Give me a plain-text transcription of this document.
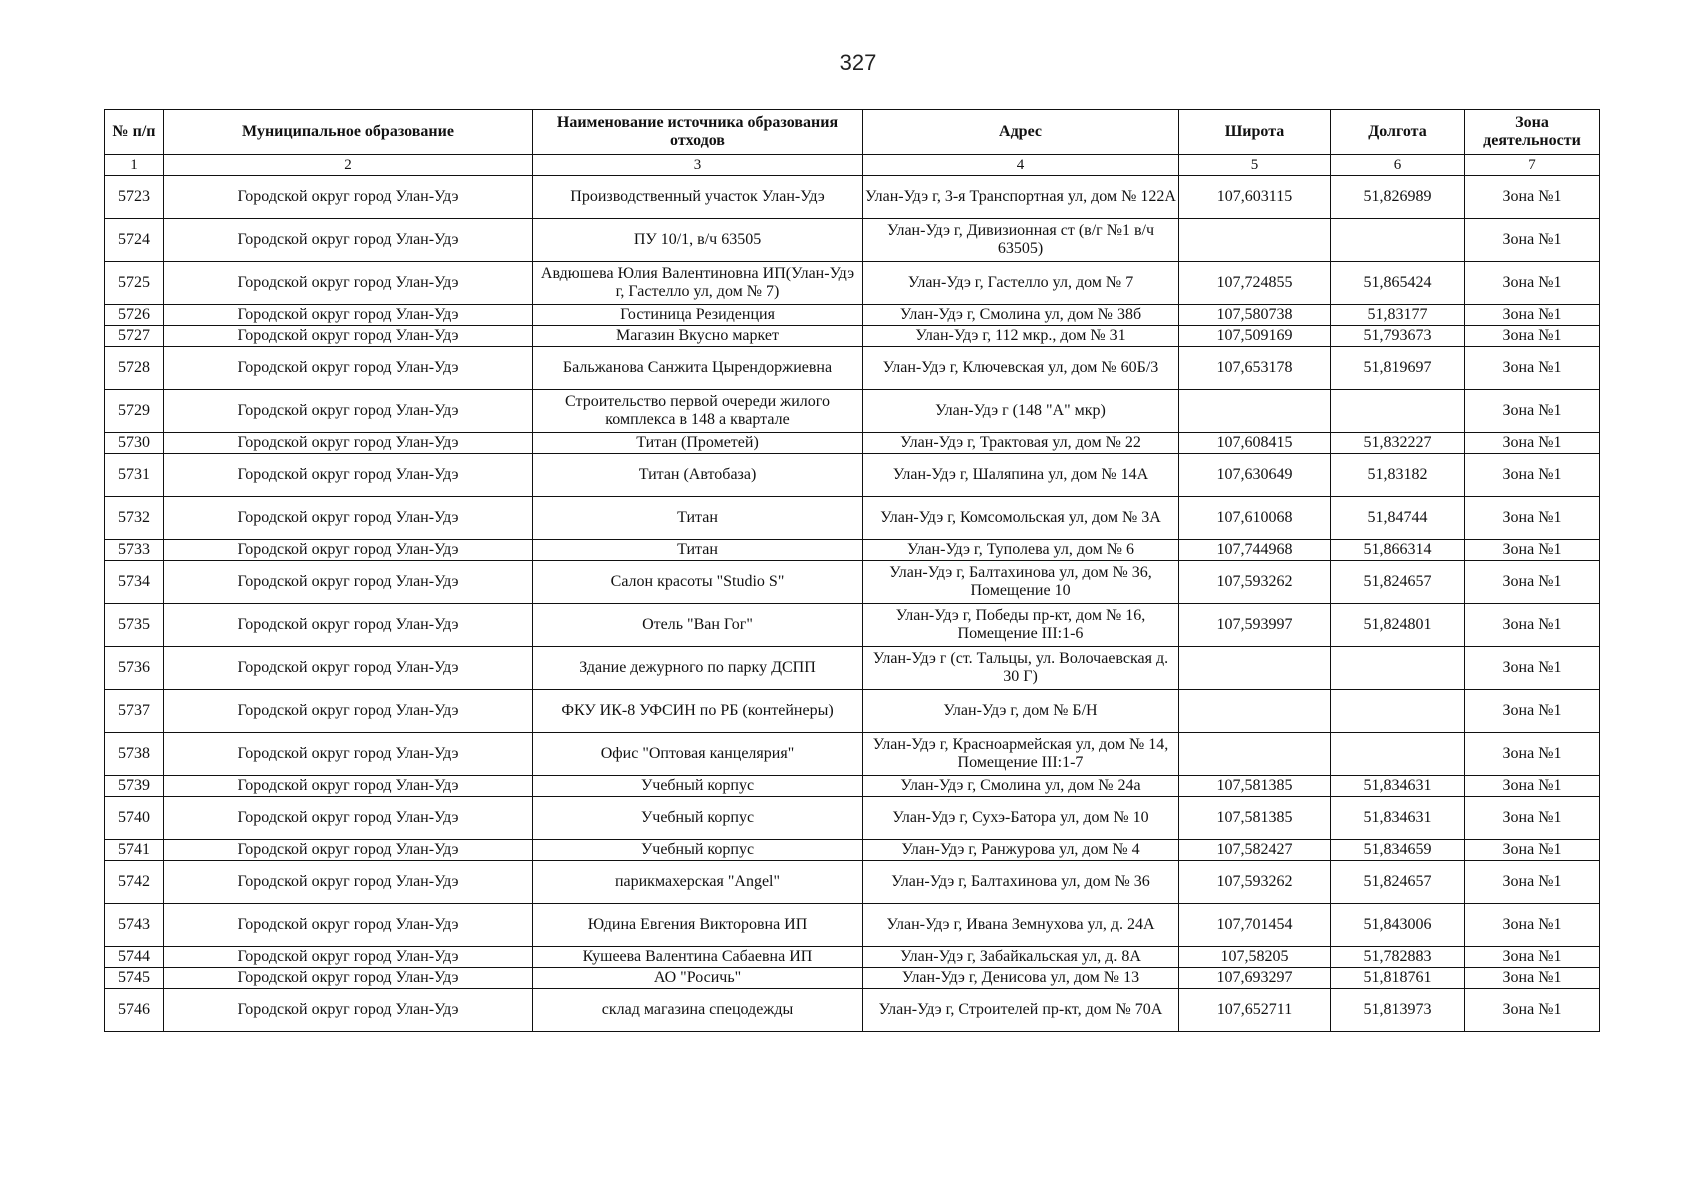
327
№ п/п	Муниципальное образование	Наименование источника образования отходов	Адрес	Широта	Долгота	Зона деятельности
1	2	3	4	5	6	7
5723	Городской округ город Улан-Удэ	Производственный участок Улан-Удэ	Улан-Удэ г, 3-я Транспортная ул, дом № 122А	107,603115	51,826989	Зона №1
5724	Городской округ город Улан-Удэ	ПУ 10/1, в/ч 63505	Улан-Удэ г, Дивизионная ст (в/г №1 в/ч 63505)			Зона №1
5725	Городской округ город Улан-Удэ	Авдюшева Юлия Валентиновна ИП(Улан-Удэ г, Гастелло ул, дом № 7)	Улан-Удэ г, Гастелло ул, дом № 7	107,724855	51,865424	Зона №1
5726	Городской округ город Улан-Удэ	Гостиница Резиденция	Улан-Удэ г, Смолина ул, дом № 38б	107,580738	51,83177	Зона №1
5727	Городской округ город Улан-Удэ	Магазин Вкусно маркет	Улан-Удэ г, 112 мкр., дом № 31	107,509169	51,793673	Зона №1
5728	Городской округ город Улан-Удэ	Бальжанова Санжита Цырендоржиевна	Улан-Удэ г, Ключевская ул, дом № 60Б/3	107,653178	51,819697	Зона №1
5729	Городской округ город Улан-Удэ	Строительство первой очереди жилого комплекса в 148 а квартале	Улан-Удэ г (148 "А" мкр)			Зона №1
5730	Городской округ город Улан-Удэ	Титан (Прометей)	Улан-Удэ г, Трактовая ул, дом № 22	107,608415	51,832227	Зона №1
5731	Городской округ город Улан-Удэ	Титан (Автобаза)	Улан-Удэ г, Шаляпина ул, дом № 14А	107,630649	51,83182	Зона №1
5732	Городской округ город Улан-Удэ	Титан	Улан-Удэ г, Комсомольская ул, дом № 3А	107,610068	51,84744	Зона №1
5733	Городской округ город Улан-Удэ	Титан	Улан-Удэ г, Туполева ул, дом № 6	107,744968	51,866314	Зона №1
5734	Городской округ город Улан-Удэ	Салон красоты "Studio S"	Улан-Удэ г, Балтахинова ул, дом № 36, Помещение 10	107,593262	51,824657	Зона №1
5735	Городской округ город Улан-Удэ	Отель "Ван Гог"	Улан-Удэ г, Победы пр-кт, дом № 16, Помещение III:1-6	107,593997	51,824801	Зона №1
5736	Городской округ город Улан-Удэ	Здание дежурного по парку ДСПП	Улан-Удэ г (ст. Тальцы, ул. Волочаевская д. 30 Г)			Зона №1
5737	Городской округ город Улан-Удэ	ФКУ ИК-8 УФСИН по РБ (контейнеры)	Улан-Удэ г, дом № Б/Н			Зона №1
5738	Городской округ город Улан-Удэ	Офис "Оптовая канцелярия"	Улан-Удэ г, Красноармейская ул, дом № 14, Помещение III:1-7			Зона №1
5739	Городской округ город Улан-Удэ	Учебный корпус	Улан-Удэ г, Смолина ул, дом № 24а	107,581385	51,834631	Зона №1
5740	Городской округ город Улан-Удэ	Учебный корпус	Улан-Удэ г, Сухэ-Батора ул, дом № 10	107,581385	51,834631	Зона №1
5741	Городской округ город Улан-Удэ	Учебный корпус	Улан-Удэ г, Ранжурова ул, дом № 4	107,582427	51,834659	Зона №1
5742	Городской округ город Улан-Удэ	парикмахерская "Angel"	Улан-Удэ г, Балтахинова ул, дом № 36	107,593262	51,824657	Зона №1
5743	Городской округ город Улан-Удэ	Юдина Евгения Викторовна ИП	Улан-Удэ г, Ивана Земнухова ул, д. 24А	107,701454	51,843006	Зона №1
5744	Городской округ город Улан-Удэ	Кушеева Валентина Сабаевна ИП	Улан-Удэ г, Забайкальская ул, д. 8А	107,58205	51,782883	Зона №1
5745	Городской округ город Улан-Удэ	АО "Росичь"	Улан-Удэ г, Денисова ул, дом № 13	107,693297	51,818761	Зона №1
5746	Городской округ город Улан-Удэ	склад магазина спецодежды	Улан-Удэ г, Строителей пр-кт, дом № 70А	107,652711	51,813973	Зона №1
